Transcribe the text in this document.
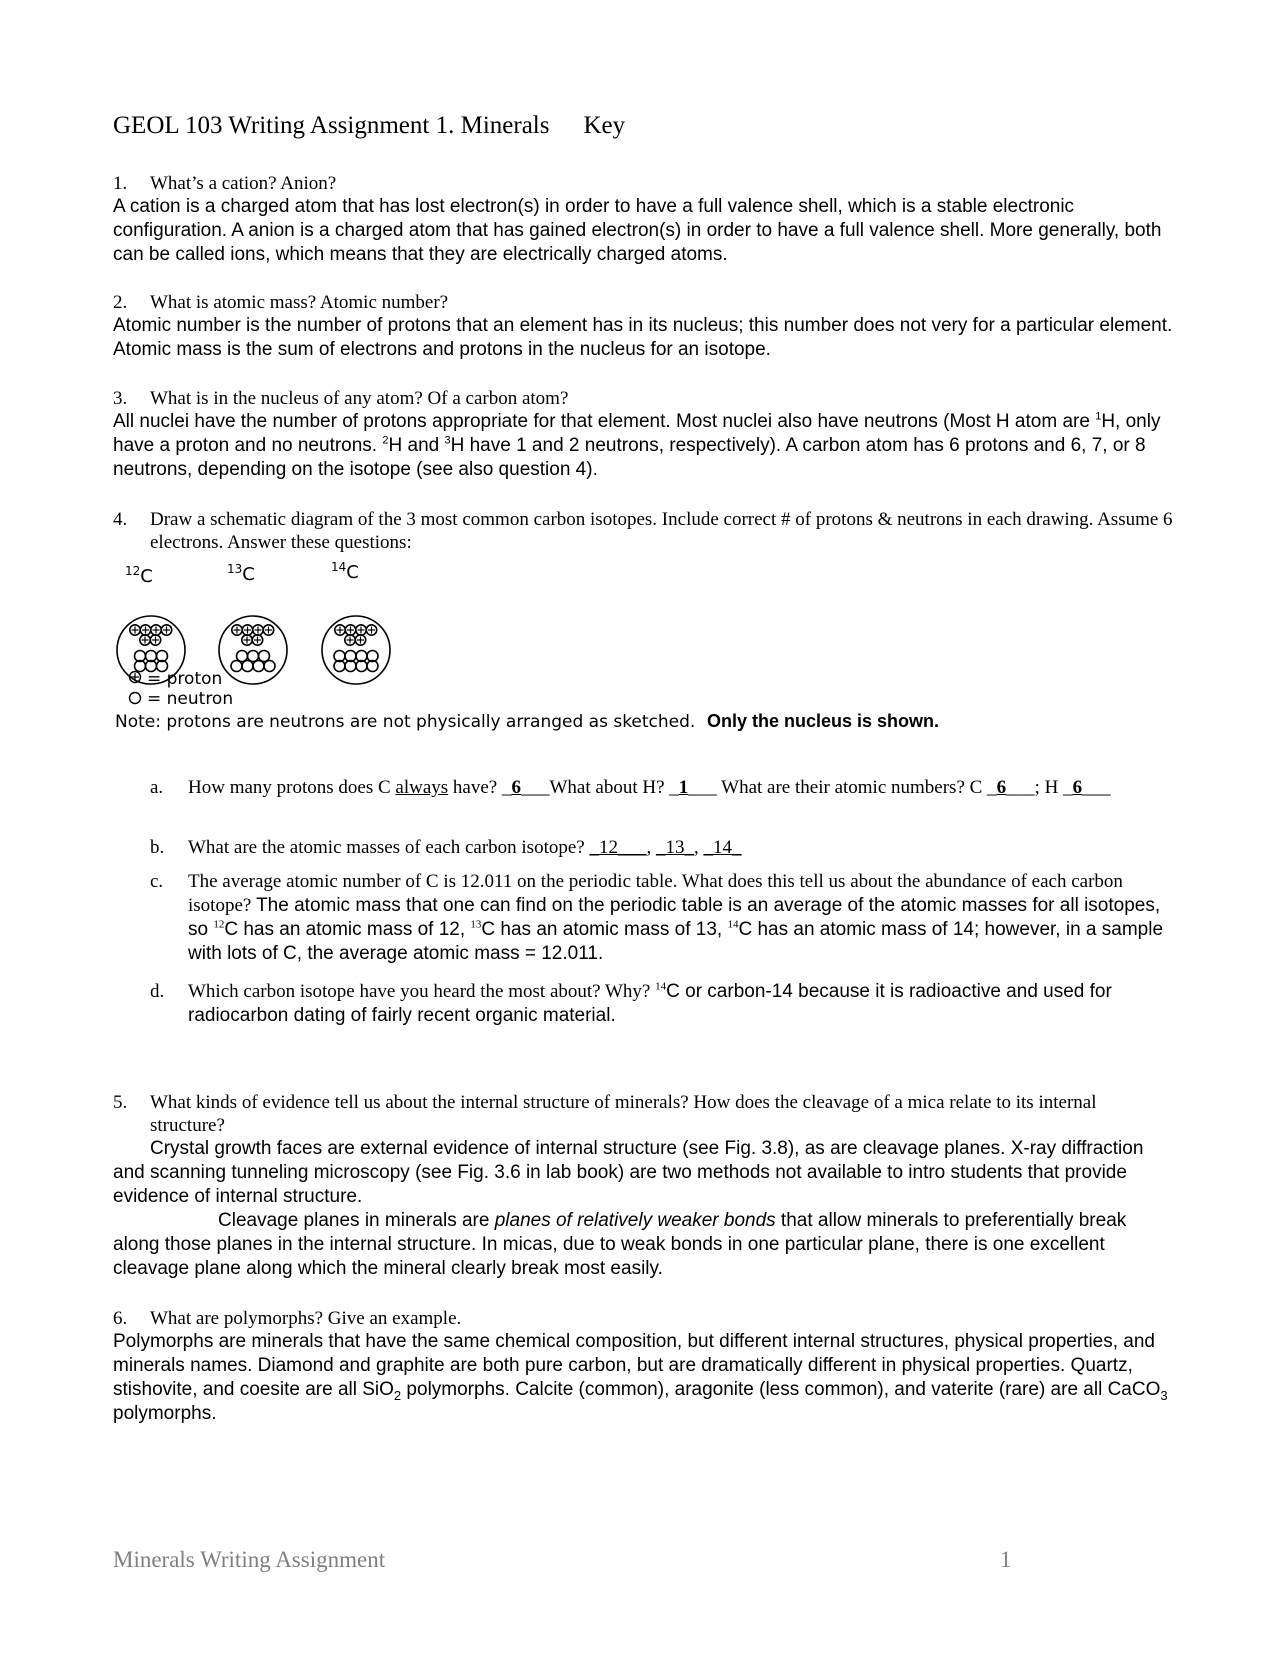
GEOL 103 Writing Assignment 1. Minerals Key
1. What’s a cation? Anion?
A cation is a charged atom that has lost electron(s) in order to have a full valence shell, which is a stable electronic configuration. A anion is a charged atom that has gained electron(s) in order to have a full valence shell. More generally, both can be called ions, which means that they are electrically charged atoms.
2. What is atomic mass? Atomic number?
Atomic number is the number of protons that an element has in its nucleus; this number does not very for a particular element. Atomic mass is the sum of electrons and protons in the nucleus for an isotope.
3. What is in the nucleus of any atom? Of a carbon atom?
All nuclei have the number of protons appropriate for that element. Most nuclei also have neutrons (Most H atom are $^1$H, only have a proton and no neutrons. $^2$H and $^3$H have 1 and 2 neutrons, respectively). A carbon atom has 6 protons and 6, 7, or 8 neutrons, depending on the isotope (see also question 4).
4. Draw a schematic diagram of the 3 most common carbon isotopes. Include correct # of protons & neutrons in each drawing. Assume 6 electrons. Answer these questions:
$^{12}$C	$^{13}$C	$^{14}$C
= proton
= neutron
Note: protons are neutrons are not physically arranged as sketched. Only the nucleus is shown.
a.	How many protons does C always have? _6___What about H? _1___ What are their atomic numbers? C _6___; H _6___
b.	What are the atomic masses of each carbon isotope? _12___, _13_, _14_
c.	The average atomic number of C is 12.011 on the periodic table. What does this tell us about the abundance of each carbon isotope? The atomic mass that one can find on the periodic table is an average of the atomic masses for all isotopes, so $^{12}$C has an atomic mass of 12, $^{13}$C has an atomic mass of 13, $^{14}$C has an atomic mass of 14; however, in a sample with lots of C, the average atomic mass = 12.011.
d.	Which carbon isotope have you heard the most about? Why? $^{14}$C or carbon-14 because it is radioactive and used for radiocarbon dating of fairly recent organic material.
5. What kinds of evidence tell us about the internal structure of minerals? How does the cleavage of a mica relate to its internal structure?
Crystal growth faces are external evidence of internal structure (see Fig. 3.8), as are cleavage planes. X-ray diffraction and scanning tunneling microscopy (see Fig. 3.6 in lab book) are two methods not available to intro students that provide evidence of internal structure.
Cleavage planes in minerals are planes of relatively weaker bonds that allow minerals to preferentially break along those planes in the internal structure. In micas, due to weak bonds in one particular plane, there is one excellent cleavage plane along which the mineral clearly break most easily.
6. What are polymorphs? Give an example.
Polymorphs are minerals that have the same chemical composition, but different internal structures, physical properties, and minerals names. Diamond and graphite are both pure carbon, but are dramatically different in physical properties. Quartz, stishovite, and coesite are all SiO$_2$ polymorphs. Calcite (common), aragonite (less common), and vaterite (rare) are all CaCO$_3$ polymorphs.
Minerals Writing Assignment	1
